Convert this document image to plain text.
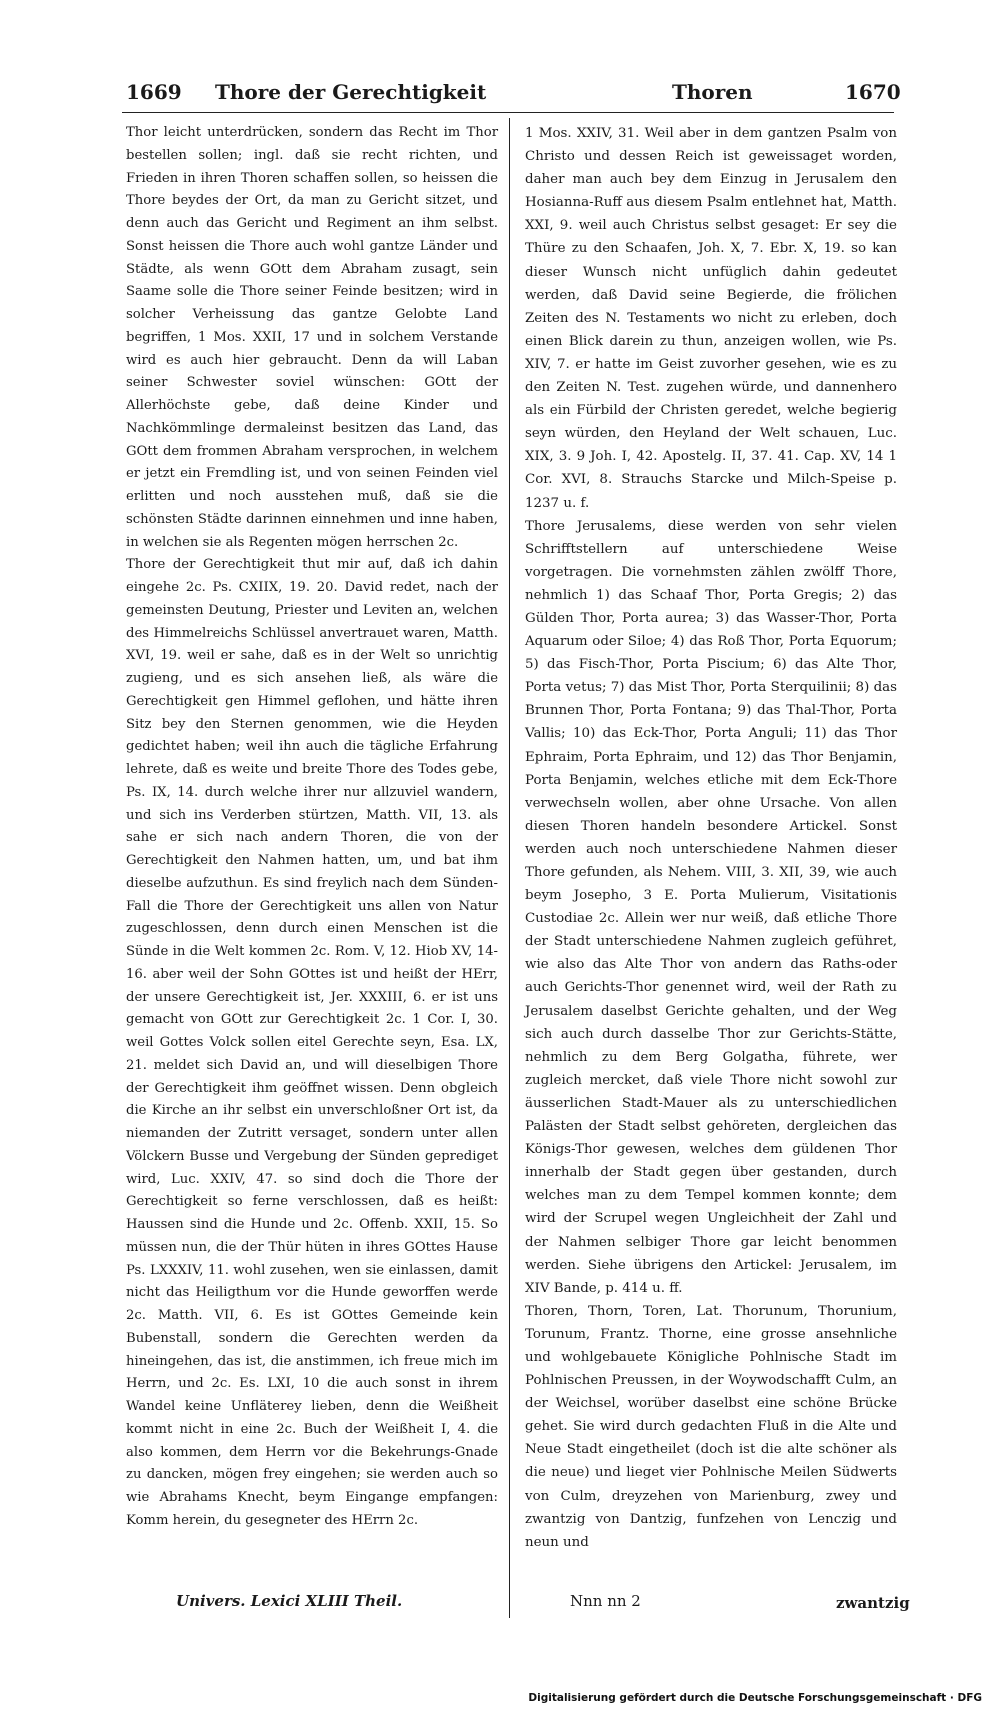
1669 Thore der Gerechtigkeit	Thoren	1670

Thor leicht unterdrücken, sondern das Recht im Thor bestellen sollen; ingl. daß sie recht richten, und Frieden in ihren Thoren schaffen sollen, so heissen die Thore beydes der Ort, da man zu Gericht sitzet, und denn auch das Gericht und Regiment an ihm selbst. Sonst heissen die Thore auch wohl gantze Länder und Städte, als wenn GOtt dem Abraham zusagt, sein Saame solle die Thore seiner Feinde besitzen; wird in solcher Verheissung das gantze Gelobte Land begriffen, 1 Mos. XXII, 17 und in solchem Verstande wird es auch hier gebraucht. Denn da will Laban seiner Schwester soviel wünschen: GOtt der Allerhöchste gebe, daß deine Kinder und Nachkömmlinge dermaleinst besitzen das Land, das GOtt dem frommen Abraham versprochen, in welchem er jetzt ein Fremdling ist, und von seinen Feinden viel erlitten und noch ausstehen muß, daß sie die schönsten Städte darinnen einnehmen und inne haben, in welchen sie als Regenten mögen herrschen 2c.

Thore der Gerechtigkeit thut mir auf, daß ich dahin eingehe 2c. Ps. CXIIX, 19. 20. David redet, nach der gemeinsten Deutung, Priester und Leviten an, welchen des Himmelreichs Schlüssel anvertrauet waren, Matth. XVI, 19. weil er sahe, daß es in der Welt so unrichtig zugieng, und es sich ansehen ließ, als wäre die Gerechtigkeit gen Himmel geflohen, und hätte ihren Sitz bey den Sternen genommen, wie die Heyden gedichtet haben; weil ihn auch die tägliche Erfahrung lehrete, daß es weite und breite Thore des Todes gebe, Ps. IX, 14. durch welche ihrer nur allzuviel wandern, und sich ins Verderben stürtzen, Matth. VII, 13. als sahe er sich nach andern Thoren, die von der Gerechtigkeit den Nahmen hatten, um, und bat ihm dieselbe aufzuthun. Es sind freylich nach dem Sünden-Fall die Thore der Gerechtigkeit uns allen von Natur zugeschlossen, denn durch einen Menschen ist die Sünde in die Welt kommen 2c. Rom. V, 12. Hiob XV, 14-16. aber weil der Sohn GOttes ist und heißt der HErr, der unsere Gerechtigkeit ist, Jer. XXXIII, 6. er ist uns gemacht von GOtt zur Gerechtigkeit 2c. 1 Cor. I, 30. weil Gottes Volck sollen eitel Gerechte seyn, Esa. LX, 21. meldet sich David an, und will dieselbigen Thore der Gerechtigkeit ihm geöffnet wissen. Denn obgleich die Kirche an ihr selbst ein unverschloßner Ort ist, da niemanden der Zutritt versaget, sondern unter allen Völckern Busse und Vergebung der Sünden geprediget wird, Luc. XXIV, 47. so sind doch die Thore der Gerechtigkeit so ferne verschlossen, daß es heißt: Haussen sind die Hunde und 2c. Offenb. XXII, 15. So müssen nun, die der Thür hüten in ihres GOttes Hause Ps. LXXXIV, 11. wohl zusehen, wen sie einlassen, damit nicht das Heiligthum vor die Hunde geworffen werde 2c. Matth. VII, 6. Es ist GOttes Gemeinde kein Bubenstall, sondern die Gerechten werden da hineingehen, das ist, die anstimmen, ich freue mich im Herrn, und 2c. Es. LXI, 10 die auch sonst in ihrem Wandel keine Unfläterey lieben, denn die Weißheit kommt nicht in eine 2c. Buch der Weißheit I, 4. die also kommen, dem Herrn vor die Bekehrungs-Gnade zu dancken, mögen frey eingehen; sie werden auch so wie Abrahams Knecht, beym Eingange empfangen: Komm herein, du gesegneter des HErrn 2c.

1 Mos. XXIV, 31. Weil aber in dem gantzen Psalm von Christo und dessen Reich ist geweissaget worden, daher man auch bey dem Einzug in Jerusalem den Hosianna-Ruff aus diesem Psalm entlehnet hat, Matth. XXI, 9. weil auch Christus selbst gesaget: Er sey die Thüre zu den Schaafen, Joh. X, 7. Ebr. X, 19. so kan dieser Wunsch nicht unfüglich dahin gedeutet werden, daß David seine Begierde, die frölichen Zeiten des N. Testaments wo nicht zu erleben, doch einen Blick darein zu thun, anzeigen wollen, wie Ps. XIV, 7. er hatte im Geist zuvorher gesehen, wie es zu den Zeiten N. Test. zugehen würde, und dannenhero als ein Fürbild der Christen geredet, welche begierig seyn würden, den Heyland der Welt schauen, Luc. XIX, 3. 9 Joh. I, 42. Apostelg. II, 37. 41. Cap. XV, 14 1 Cor. XVI, 8. Strauchs Starcke und Milch-Speise p. 1237 u. f.

Thore Jerusalems, diese werden von sehr vielen Schrifftstellern auf unterschiedene Weise vorgetragen. Die vornehmsten zählen zwölff Thore, nehmlich 1) das Schaaf Thor, Porta Gregis; 2) das Gülden Thor, Porta aurea; 3) das Wasser-Thor, Porta Aquarum oder Siloe; 4) das Roß Thor, Porta Equorum; 5) das Fisch-Thor, Porta Piscium; 6) das Alte Thor, Porta vetus; 7) das Mist Thor, Porta Sterquilinii; 8) das Brunnen Thor, Porta Fontana; 9) das Thal-Thor, Porta Vallis; 10) das Eck-Thor, Porta Anguli; 11) das Thor Ephraim, Porta Ephraim, und 12) das Thor Benjamin, Porta Benjamin, welches etliche mit dem Eck-Thore verwechseln wollen, aber ohne Ursache. Von allen diesen Thoren handeln besondere Artickel. Sonst werden auch noch unterschiedene Nahmen dieser Thore gefunden, als Nehem. VIII, 3. XII, 39, wie auch beym Josepho, 3 E. Porta Mulierum, Visitationis Custodiae 2c. Allein wer nur weiß, daß etliche Thore der Stadt unterschiedene Nahmen zugleich geführet, wie also das Alte Thor von andern das Raths-oder auch Gerichts-Thor genennet wird, weil der Rath zu Jerusalem daselbst Gerichte gehalten, und der Weg sich auch durch dasselbe Thor zur Gerichts-Stätte, nehmlich zu dem Berg Golgatha, führete, wer zugleich mercket, daß viele Thore nicht sowohl zur äusserlichen Stadt-Mauer als zu unterschiedlichen Palästen der Stadt selbst gehöreten, dergleichen das Königs-Thor gewesen, welches dem güldenen Thor innerhalb der Stadt gegen über gestanden, durch welches man zu dem Tempel kommen konnte; dem wird der Scrupel wegen Ungleichheit der Zahl und der Nahmen selbiger Thore gar leicht benommen werden. Siehe übrigens den Artickel: Jerusalem, im XIV Bande, p. 414 u. ff.

Thoren, Thorn, Toren, Lat. Thorunum, Thorunium, Torunum, Frantz. Thorne, eine grosse ansehnliche und wohlgebauete Königliche Pohlnische Stadt im Pohlnischen Preussen, in der Woywodschafft Culm, an der Weichsel, worüber daselbst eine schöne Brücke gehet. Sie wird durch gedachten Fluß in die Alte und Neue Stadt eingetheilet (doch ist die alte schöner als die neue) und lieget vier Pohlnische Meilen Südwerts von Culm, dreyzehen von Marienburg, zwey und zwantzig von Dantzig, funfzehen von Lenczig und neun und

Univers. Lexici XLIII Theil.	Nnn nn 2	zwantzig
Digitalisierung gefördert durch die Deutsche Forschungsgemeinschaft · DFG
